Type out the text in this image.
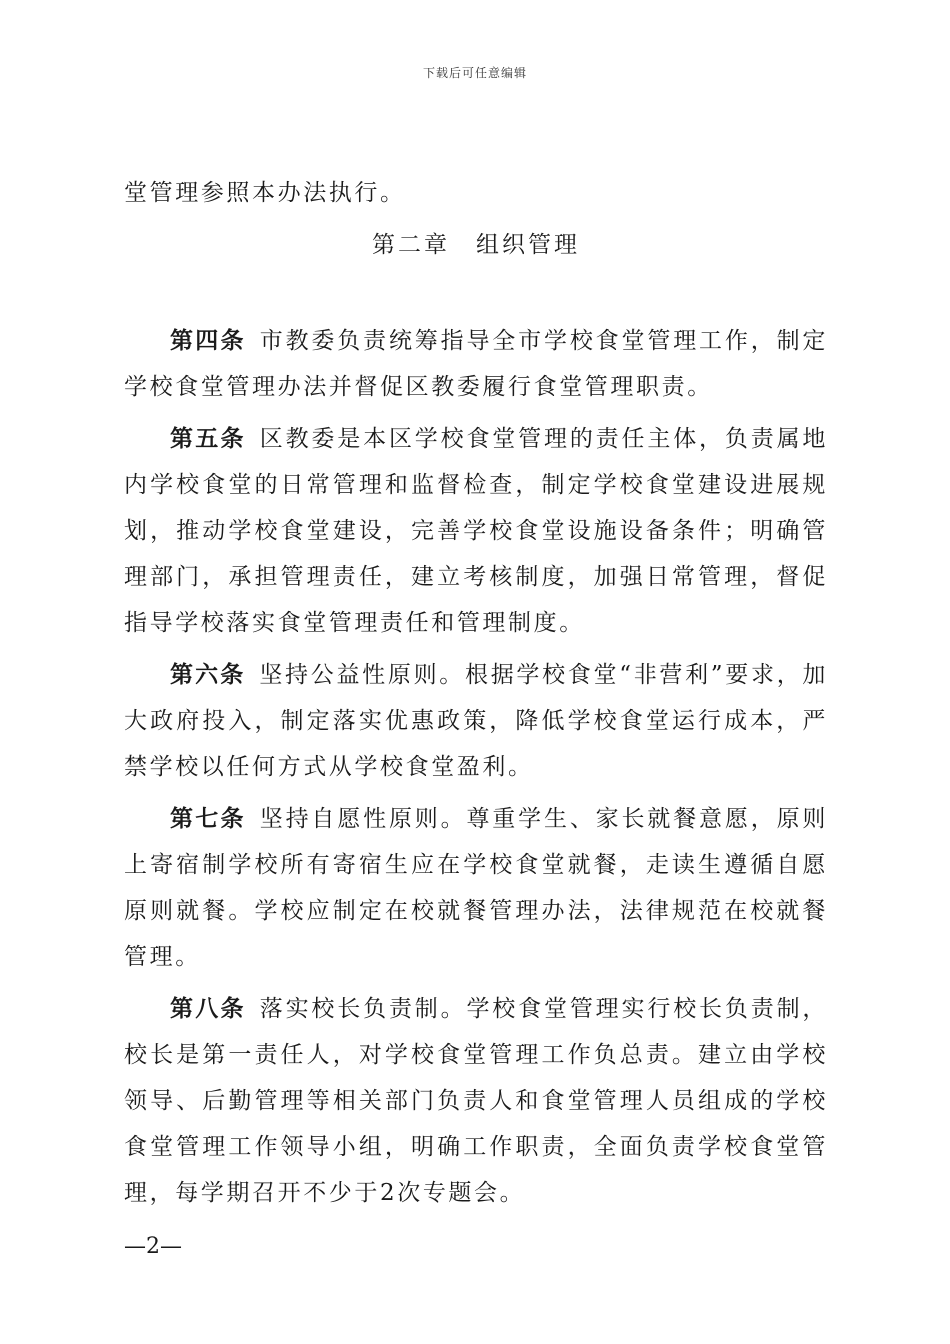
下载后可任意编辑

堂管理参照本办法执行。

第二章　组织管理

第四条 市教委负责统筹指导全市学校食堂管理工作，制定学校食堂管理办法并督促区教委履行食堂管理职责。

第五条 区教委是本区学校食堂管理的责任主体，负责属地内学校食堂的日常管理和监督检查，制定学校食堂建设进展规划，推动学校食堂建设，完善学校食堂设施设备条件；明确管理部门，承担管理责任，建立考核制度，加强日常管理，督促指导学校落实食堂管理责任和管理制度。

第六条 坚持公益性原则。根据学校食堂“非营利”要求，加大政府投入，制定落实优惠政策，降低学校食堂运行成本，严禁学校以任何方式从学校食堂盈利。

第七条 坚持自愿性原则。尊重学生、家长就餐意愿，原则上寄宿制学校所有寄宿生应在学校食堂就餐，走读生遵循自愿原则就餐。学校应制定在校就餐管理办法，法律规范在校就餐管理。

第八条 落实校长负责制。学校食堂管理实行校长负责制，校长是第一责任人，对学校食堂管理工作负总责。建立由学校领导、后勤管理等相关部门负责人和食堂管理人员组成的学校食堂管理工作领导小组，明确工作职责，全面负责学校食堂管理，每学期召开不少于2次专题会。

—2—
